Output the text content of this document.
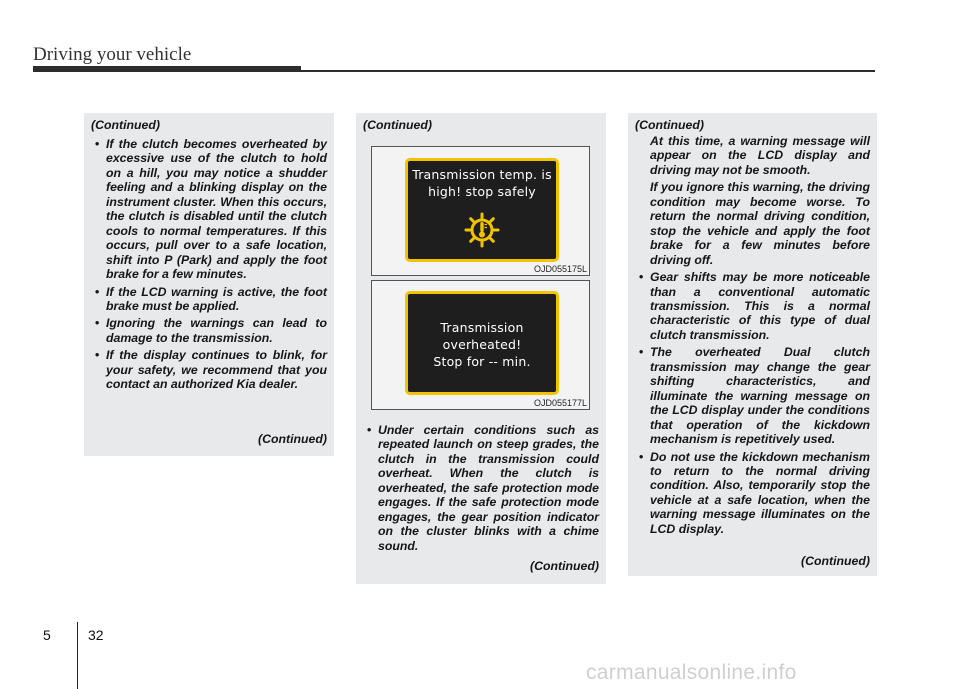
Driving your vehicle
(Continued)
• If the clutch becomes overheated by excessive use of the clutch to hold on a hill, you may notice a shudder feeling and a blinking display on the instrument cluster. When this occurs, the clutch is disabled until the clutch cools to normal temperatures. If this occurs, pull over to a safe location, shift into P (Park) and apply the foot brake for a few minutes.
• If the LCD warning is active, the foot brake must be applied.
• Ignoring the warnings can lead to damage to the transmission.
• If the display continues to blink, for your safety, we recommend that you contact an authorized Kia dealer.
(Continued)
(Continued)
Transmission temp. is
high! stop safely
OJD055175L
Transmission
overheated!
Stop for -- min.
OJD055177L
• Under certain conditions such as repeated launch on steep grades, the clutch in the transmission could overheat. When the clutch is overheated, the safe protection mode engages. If the safe protection mode engages, the gear position indicator on the cluster blinks with a chime sound.
(Continued)
(Continued)
At this time, a warning message will appear on the LCD display and driving may not be smooth.
If you ignore this warning, the driving condition may become worse. To return the normal driving condition, stop the vehicle and apply the foot brake for a few minutes before driving off.
• Gear shifts may be more noticeable than a conventional automatic transmission. This is a normal characteristic of this type of dual clutch transmission.
• The overheated Dual clutch transmission may change the gear shifting characteristics, and illuminate the warning message on the LCD display under the conditions that operation of the kickdown mechanism is repetitively used.
• Do not use the kickdown mechanism to return to the normal driving condition. Also, temporarily stop the vehicle at a safe location, when the warning message illuminates on the LCD display.
(Continued)
5	32
carmanualsonline.info
